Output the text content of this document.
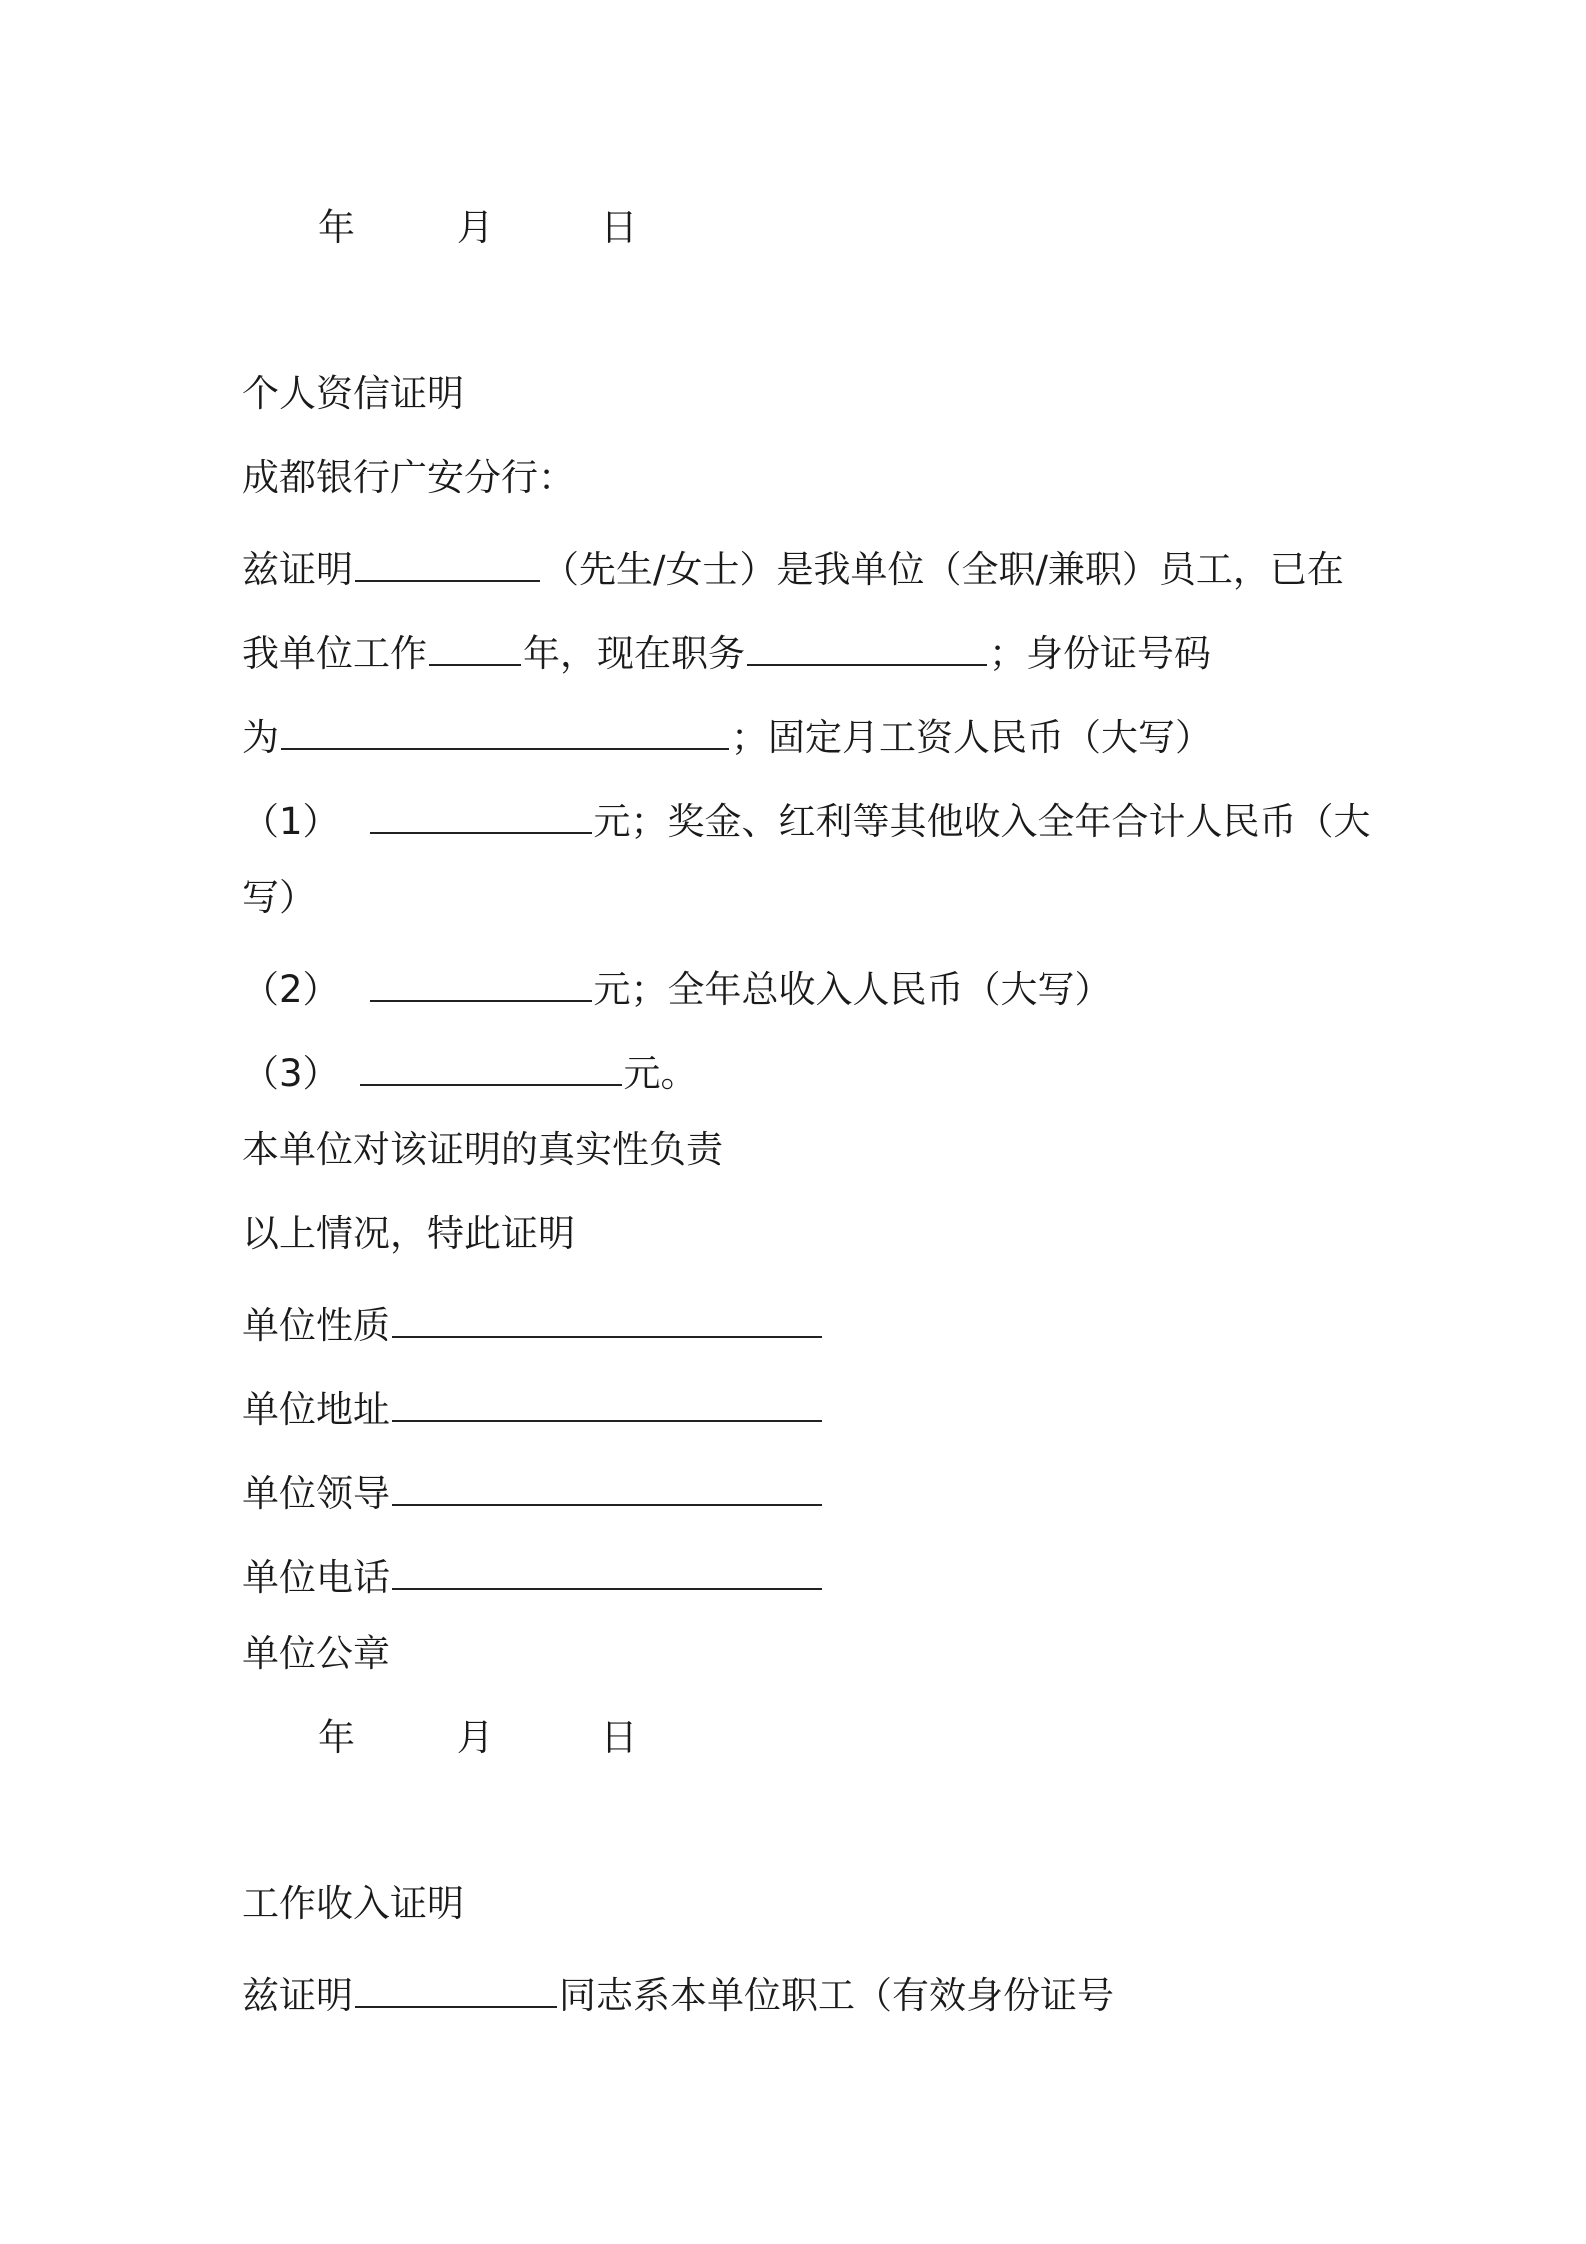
年	月	日
个人资信证明
成都银行广安分行：
兹证明	（先生/女士）是我单位（全职/兼职）员工，已在
我单位工作	年，现在职务	；身份证号码
为	；固定月工资人民币（大写）
（1）	元；奖金、红利等其他收入全年合计人民币（大
写）
（2）	元；全年总收入人民币（大写）
（3）	元。
本单位对该证明的真实性负责
以上情况，特此证明
单位性质
单位地址
单位领导
单位电话
单位公章
年	月	日
工作收入证明
兹证明	同志系本单位职工（有效身份证号
